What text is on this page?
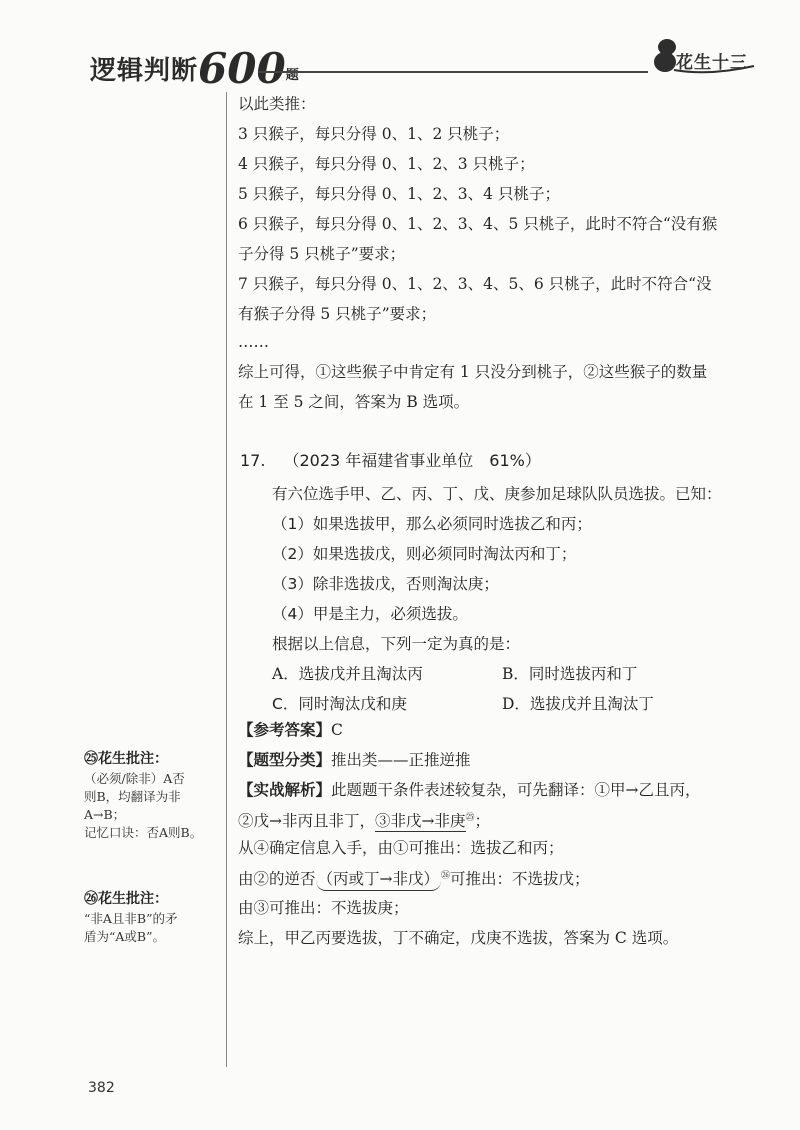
逻辑判断600题
花生十三
以此类推：
3 只猴子，每只分得 0、1、2 只桃子；
4 只猴子，每只分得 0、1、2、3 只桃子；
5 只猴子，每只分得 0、1、2、3、4 只桃子；
6 只猴子，每只分得 0、1、2、3、4、5 只桃子，此时不符合“没有猴
子分得 5 只桃子”要求；
7 只猴子，每只分得 0、1、2、3、4、5、6 只桃子，此时不符合“没
有猴子分得 5 只桃子”要求；
……
综上可得，①这些猴子中肯定有 1 只没分到桃子，②这些猴子的数量
在 1 至 5 之间，答案为 B 选项。
17. （2023 年福建省事业单位　61%）
有六位选手甲、乙、丙、丁、戊、庚参加足球队队员选拔。已知：
（1）如果选拔甲，那么必须同时选拔乙和丙；
（2）如果选拔戊，则必须同时淘汰丙和丁；
（3）除非选拔戊，否则淘汰庚；
（4）甲是主力，必须选拔。
根据以上信息，下列一定为真的是：
A．选拔戊并且淘汰丙	B．同时选拔丙和丁
C．同时淘汰戊和庚	D．选拔戊并且淘汰丁
【参考答案】C
【题型分类】推出类——正推逆推
【实战解析】此题题干条件表述较复杂，可先翻译：①甲→乙且丙，
②戊→非丙且非丁，③非戊→非庚$^㉕$；
从④确定信息入手，由①可推出：选拔乙和丙；
由②的逆否 （丙或丁→非戊） $^㉖$可推出：不选拔戊；
由③可推出：不选拔庚；
综上，甲乙丙要选拔，丁不确定，戊庚不选拔，答案为 C 选项。
㉕花生批注：
（必须/除非）A否
则B，均翻译为非
A→B；
记忆口诀：否A则B。
㉖花生批注：
“非A且非B”的矛
盾为“A或B”。
382
